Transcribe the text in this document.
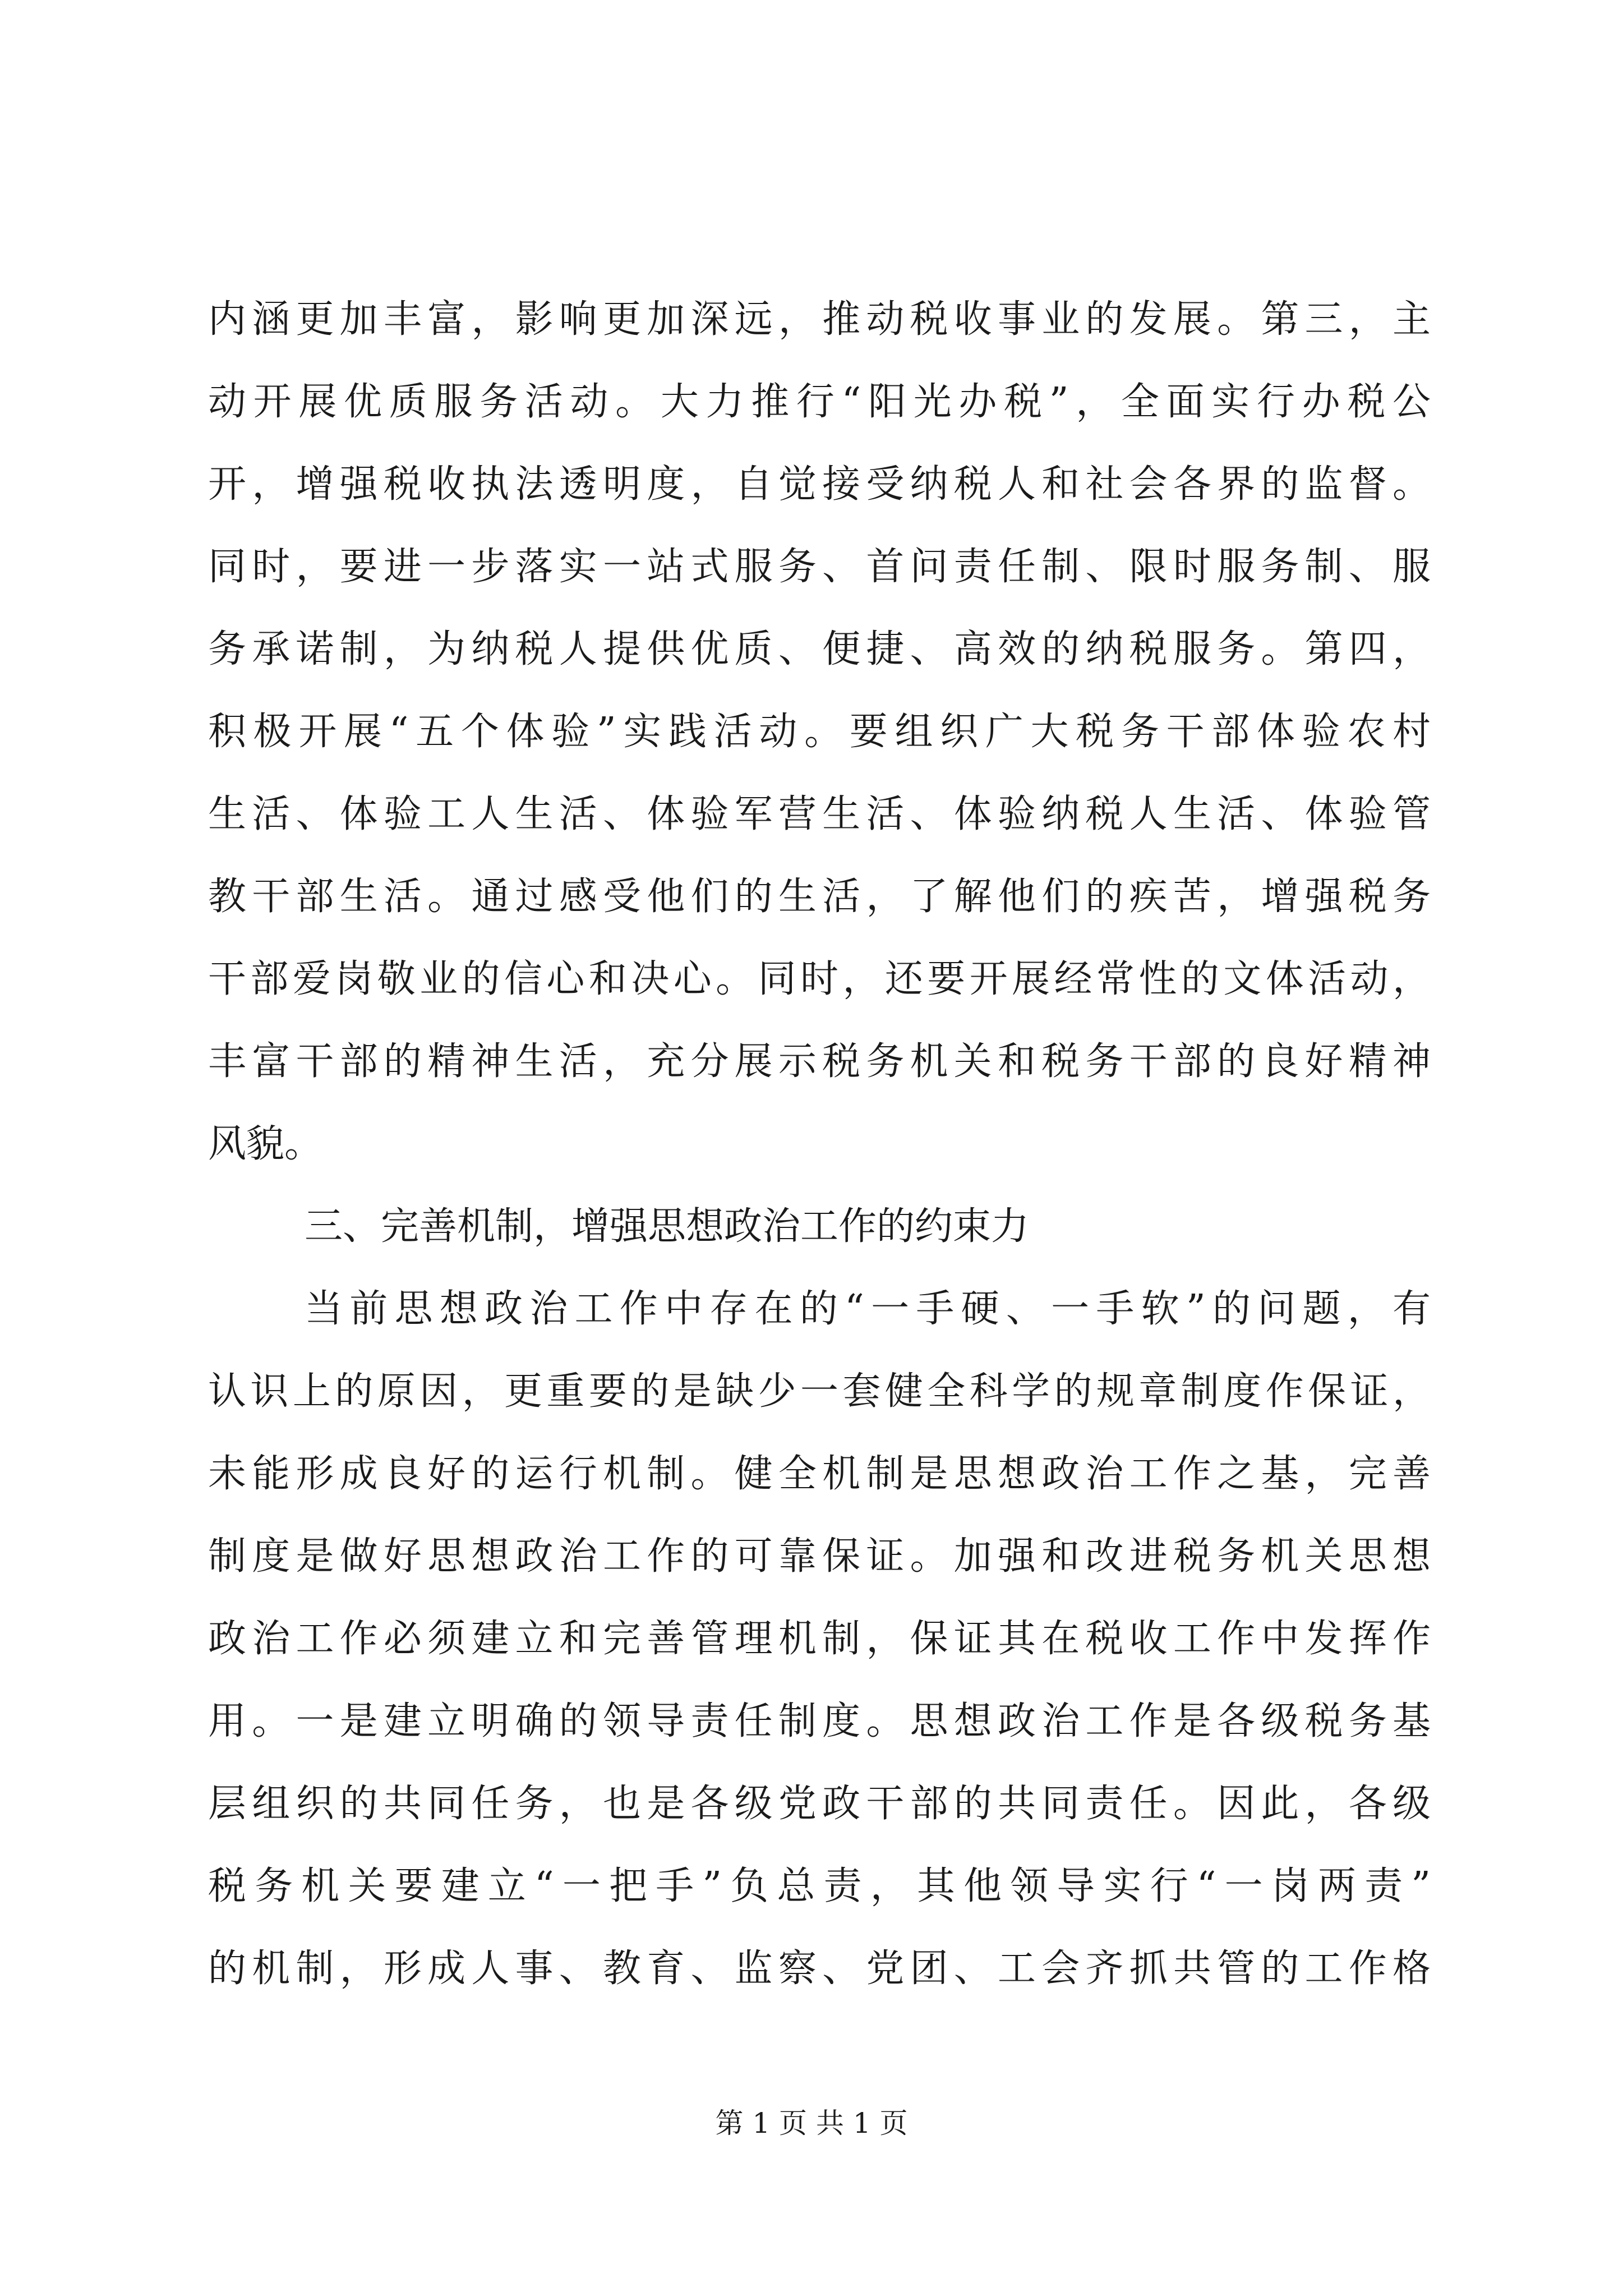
内涵更加丰富，影响更加深远，推动税收事业的发展。第三，主
动开展优质服务活动。大力推行“阳光办税”，全面实行办税公
开，增强税收执法透明度，自觉接受纳税人和社会各界的监督。
同时，要进一步落实一站式服务、首问责任制、限时服务制、服
务承诺制，为纳税人提供优质、便捷、高效的纳税服务。第四，
积极开展“五个体验”实践活动。要组织广大税务干部体验农村
生活、体验工人生活、体验军营生活、体验纳税人生活、体验管
教干部生活。通过感受他们的生活，了解他们的疾苦，增强税务
干部爱岗敬业的信心和决心。同时，还要开展经常性的文体活动，
丰富干部的精神生活，充分展示税务机关和税务干部的良好精神
风貌。
三、完善机制，增强思想政治工作的约束力
当前思想政治工作中存在的“一手硬、一手软”的问题，有
认识上的原因，更重要的是缺少一套健全科学的规章制度作保证，
未能形成良好的运行机制。健全机制是思想政治工作之基，完善
制度是做好思想政治工作的可靠保证。加强和改进税务机关思想
政治工作必须建立和完善管理机制，保证其在税收工作中发挥作
用。一是建立明确的领导责任制度。思想政治工作是各级税务基
层组织的共同任务，也是各级党政干部的共同责任。因此，各级
税务机关要建立“一把手”负总责，其他领导实行“一岗两责”
的机制，形成人事、教育、监察、党团、工会齐抓共管的工作格
第 1 页 共 1 页
